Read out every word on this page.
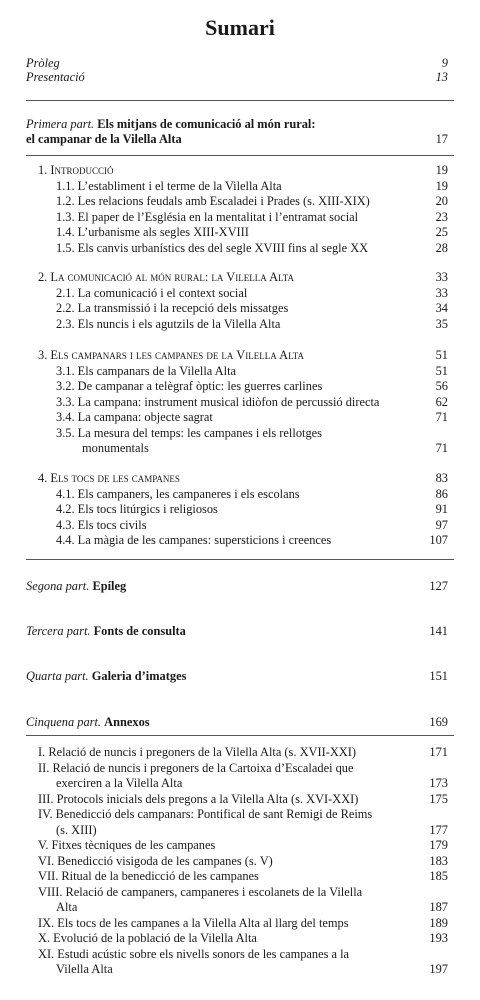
Sumari
Pròleg	9
Presentació	13
Primera part. Els mitjans de comunicació al món rural:
el campanar de la Vilella Alta	17
1. Introducció	19
1.1. L’establiment i el terme de la Vilella Alta	19
1.2. Les relacions feudals amb Escaladei i Prades (s. XIII-XIX)	20
1.3. El paper de l’Església en la mentalitat i l’entramat social	23
1.4. L’urbanisme als segles XIII-XVIII	25
1.5. Els canvis urbanístics des del segle XVIII fins al segle XX	28
2. La comunicació al món rural: la Vilella Alta	33
2.1. La comunicació i el context social	33
2.2. La transmissió i la recepció dels missatges	34
2.3. Els nuncis i els agutzils de la Vilella Alta	35
3. Els campanars i les campanes de la Vilella Alta	51
3.1. Els campanars de la Vilella Alta	51
3.2. De campanar a telègraf òptic: les guerres carlines	56
3.3. La campana: instrument musical idiòfon de percussió directa	62
3.4. La campana: objecte sagrat	71
3.5. La mesura del temps: les campanes i els rellotges
monumentals	71
4. Els tocs de les campanes	83
4.1. Els campaners, les campaneres i els escolans	86
4.2. Els tocs litúrgics i religiosos	91
4.3. Els tocs civils	97
4.4. La màgia de les campanes: supersticions i creences	107
Segona part. Epíleg	127
Tercera part. Fonts de consulta	141
Quarta part. Galeria d’imatges	151
Cinquena part. Annexos	169
I. Relació de nuncis i pregoners de la Vilella Alta (s. XVII-XXI)	171
II. Relació de nuncis i pregoners de la Cartoixa d’Escaladei que
exerciren a la Vilella Alta	173
III. Protocols inicials dels pregons a la Vilella Alta (s. XVI-XXI)	175
IV. Benedicció dels campanars: Pontifical de sant Remigi de Reims
(s. XIII)	177
V. Fitxes tècniques de les campanes	179
VI. Benedicció visigoda de les campanes (s. V)	183
VII. Ritual de la benedicció de les campanes	185
VIII. Relació de campaners, campaneres i escolanets de la Vilella
Alta	187
IX. Els tocs de les campanes a la Vilella Alta al llarg del temps	189
X. Evolució de la població de la Vilella Alta	193
XI. Estudi acústic sobre els nivells sonors de les campanes a la
Vilella Alta	197
